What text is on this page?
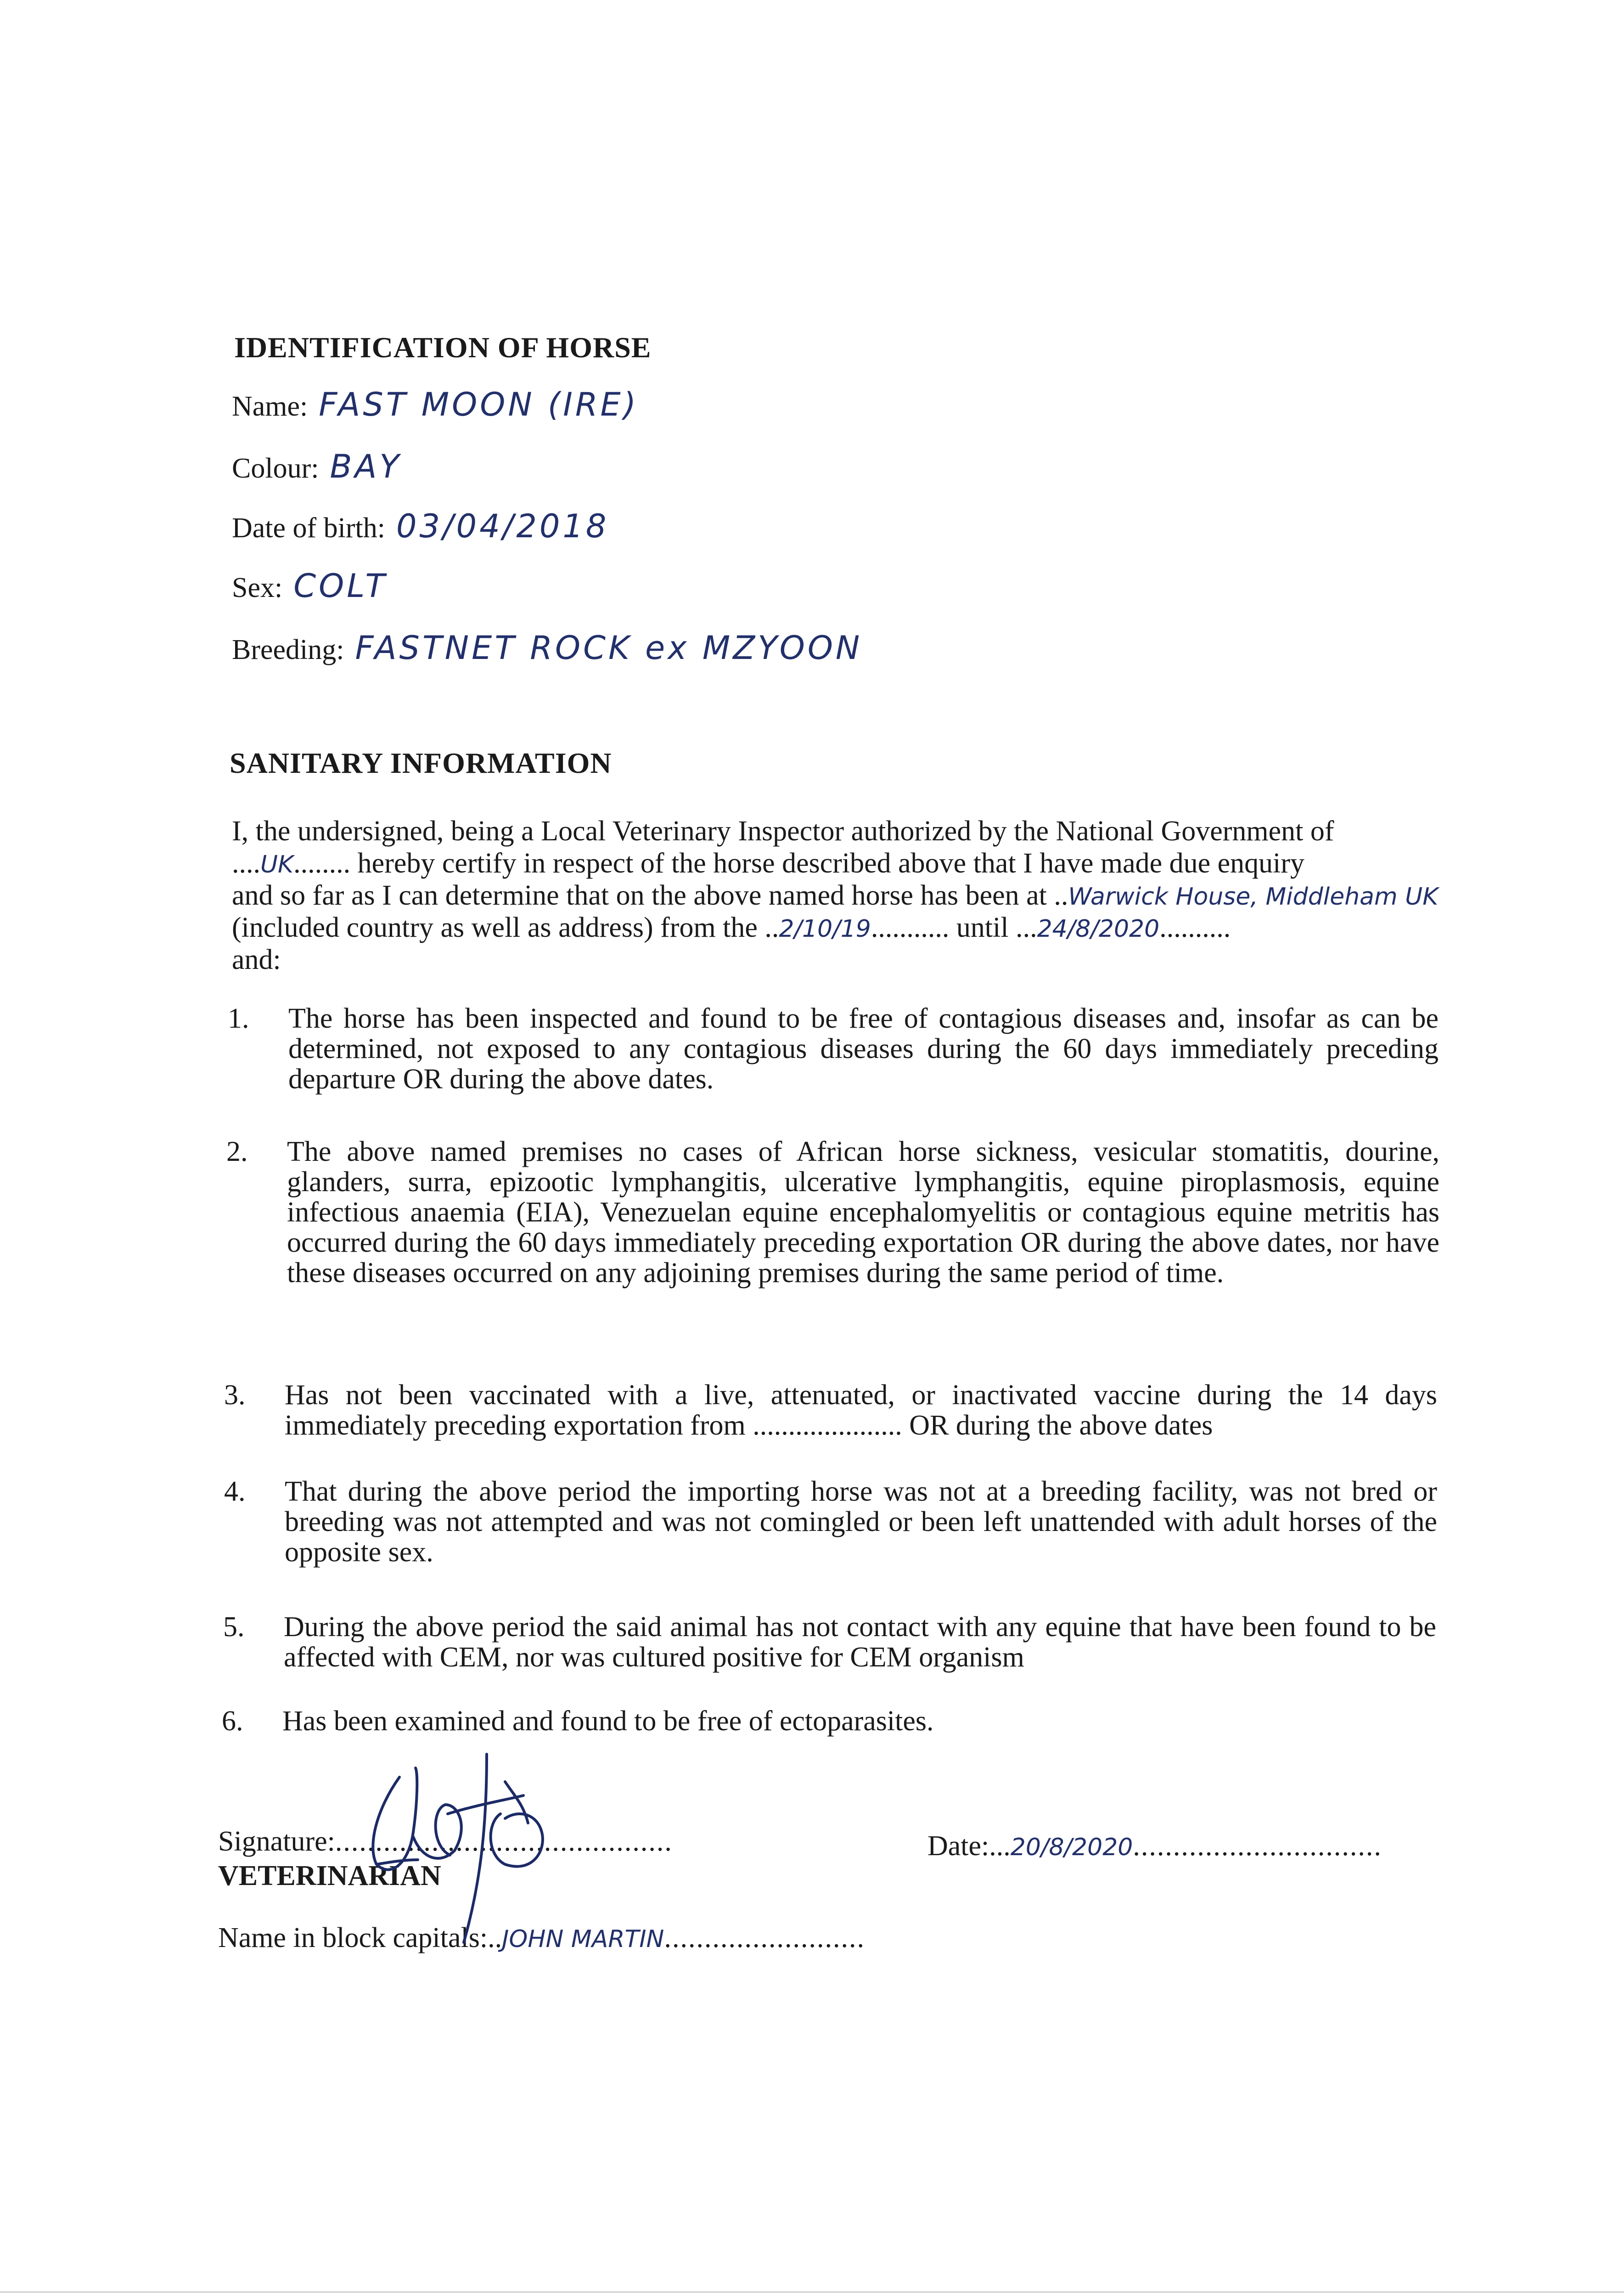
IDENTIFICATION OF HORSE
Name: FAST MOON (IRE)
Colour: BAY
Date of birth: 03/04/2018
Sex: COLT
Breeding: FASTNET ROCK ex MZYOON
SANITARY INFORMATION
I, the undersigned, being a Local Veterinary Inspector authorized by the National Government of
....UK........ hereby certify in respect of the horse described above that I have made due enquiry
and so far as I can determine that on the above named horse has been at ..Warwick House, Middleham UK
(included country as well as address) from the ..2/10/19........... until ...24/8/2020..........
and:
1. The horse has been inspected and found to be free of contagious diseases and, insofar as can be determined, not exposed to any contagious diseases during the 60 days immediately preceding departure OR during the above dates.
2. The above named premises no cases of African horse sickness, vesicular stomatitis, dourine, glanders, surra, epizootic lymphangitis, ulcerative lymphangitis, equine piroplasmosis, equine infectious anaemia (EIA), Venezuelan equine encephalomyelitis or contagious equine metritis has occurred during the 60 days immediately preceding exportation OR during the above dates, nor have these diseases occurred on any adjoining premises during the same period of time.
3. Has not been vaccinated with a live, attenuated, or inactivated vaccine during the 14 days immediately preceding exportation from ..................... OR during the above dates
4. That during the above period the importing horse was not at a breeding facility, was not bred or breeding was not attempted and was not comingled or been left unattended with adult horses of the opposite sex.
5. During the above period the said animal has not contact with any equine that have been found to be affected with CEM, nor was cultured positive for CEM organism
6. Has been examined and found to be free of ectoparasites.
Signature:..........................................	Date:...20/8/2020...............................
VETERINARIAN
Name in block capitals:..JOHN MARTIN.........................
